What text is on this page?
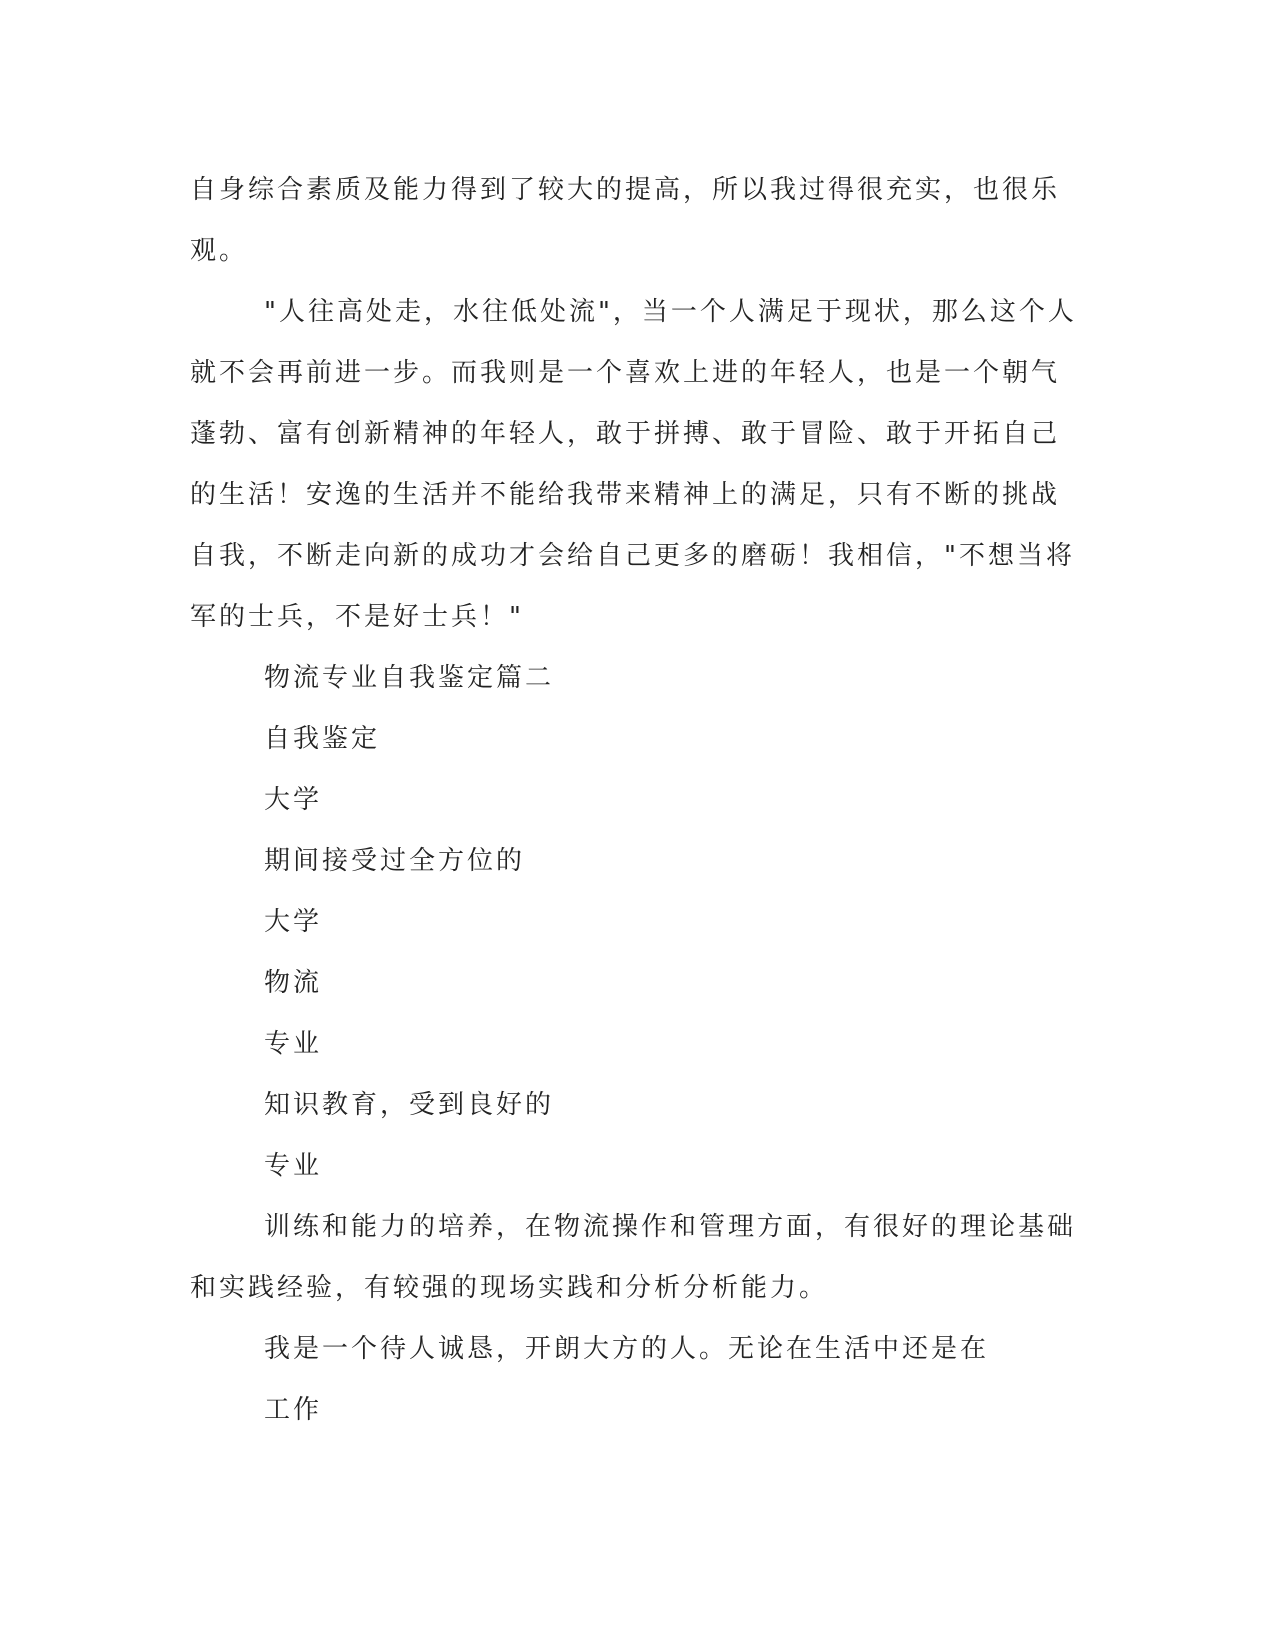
自身综合素质及能力得到了较大的提高，所以我过得很充实，也很乐
观。
"人往高处走，水往低处流"，当一个人满足于现状，那么这个人
就不会再前进一步。而我则是一个喜欢上进的年轻人，也是一个朝气
蓬勃、富有创新精神的年轻人，敢于拼搏、敢于冒险、敢于开拓自己
的生活！安逸的生活并不能给我带来精神上的满足，只有不断的挑战
自我，不断走向新的成功才会给自己更多的磨砺！我相信，"不想当将
军的士兵，不是好士兵！"
物流专业自我鉴定篇二
自我鉴定
大学
期间接受过全方位的
大学
物流
专业
知识教育，受到良好的
专业
训练和能力的培养，在物流操作和管理方面，有很好的理论基础
和实践经验，有较强的现场实践和分析分析能力。
我是一个待人诚恳，开朗大方的人。无论在生活中还是在
工作
